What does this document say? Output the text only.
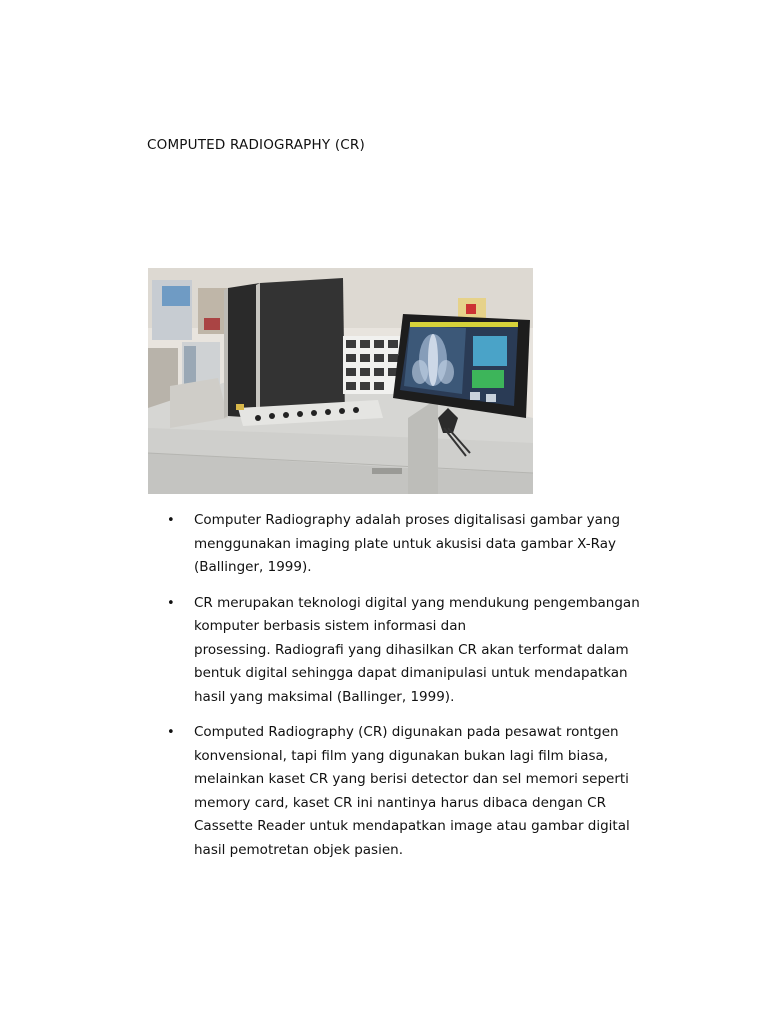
COMPUTED RADIOGRAPHY (CR)
• Computer Radiography adalah proses digitalisasi gambar yang
menggunakan imaging plate untuk akusisi data gambar X-Ray
(Ballinger, 1999).
• CR merupakan teknologi digital yang mendukung pengembangan
komputer berbasis sistem informasi dan
prosessing. Radiografi yang dihasilkan CR akan terformat dalam
bentuk digital sehingga dapat dimanipulasi untuk mendapatkan
hasil yang maksimal (Ballinger, 1999).
• Computed Radiography (CR) digunakan pada pesawat rontgen
konvensional, tapi film yang digunakan bukan lagi film biasa,
melainkan kaset CR yang berisi detector dan sel memori seperti
memory card, kaset CR ini nantinya harus dibaca dengan CR
Cassette Reader untuk mendapatkan image atau gambar digital
hasil pemotretan objek pasien.
